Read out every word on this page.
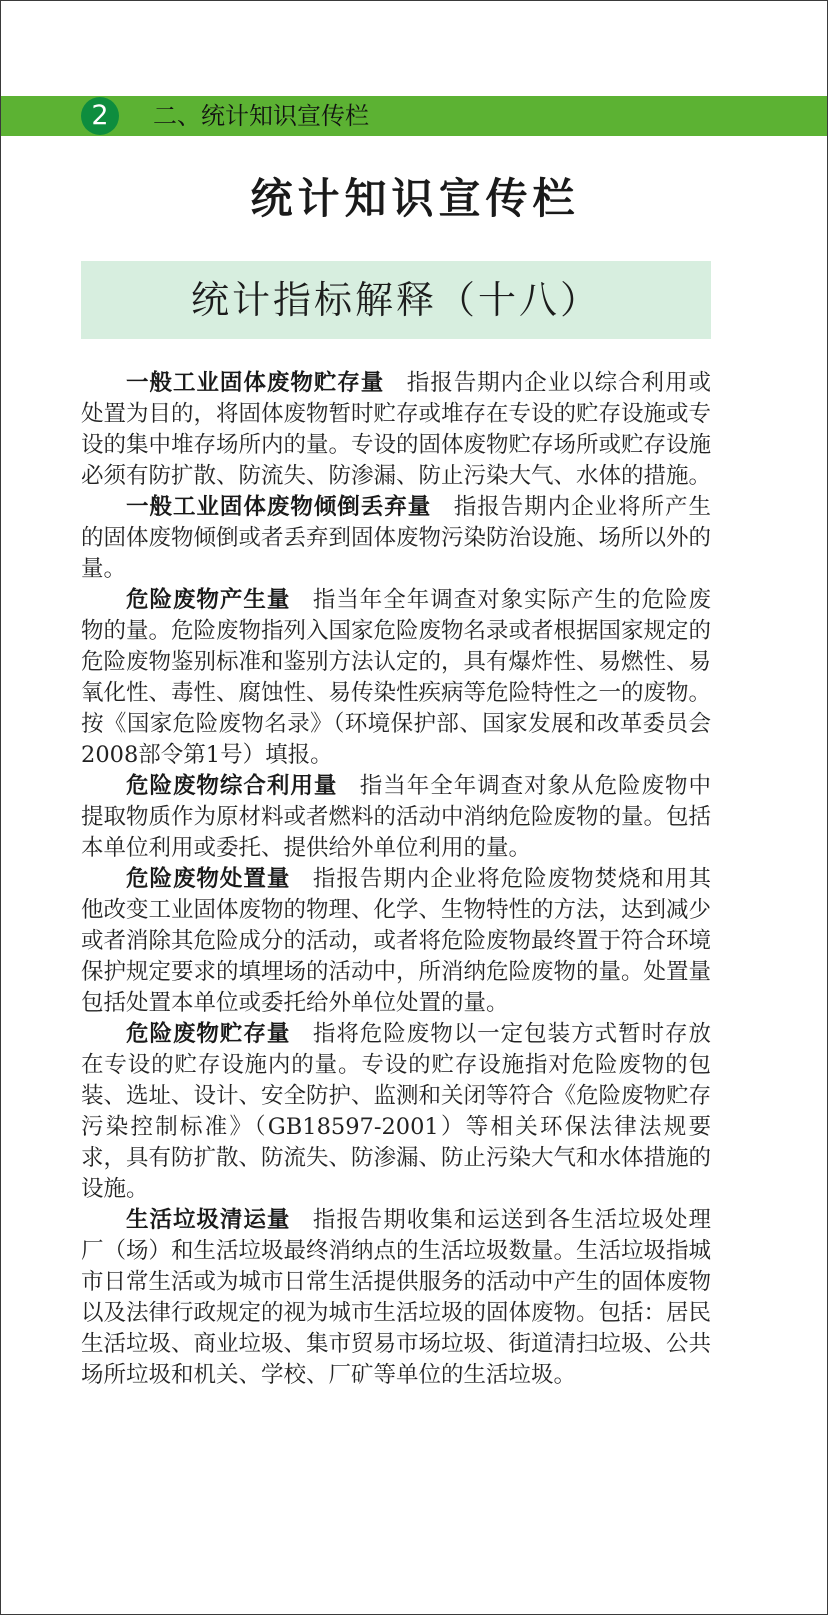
2	二、统计知识宣传栏
统计知识宣传栏
统计指标解释（十八）

一般工业固体废物贮存量 指报告期内企业以综合利用或处置为目的，将固体废物暂时贮存或堆存在专设的贮存设施或专设的集中堆存场所内的量。专设的固体废物贮存场所或贮存设施必须有防扩散、防流失、防渗漏、防止污染大气、水体的措施。

一般工业固体废物倾倒丢弃量 指报告期内企业将所产生的固体废物倾倒或者丢弃到固体废物污染防治设施、场所以外的量。

危险废物产生量 指当年全年调查对象实际产生的危险废物的量。危险废物指列入国家危险废物名录或者根据国家规定的危险废物鉴别标准和鉴别方法认定的，具有爆炸性、易燃性、易氧化性、毒性、腐蚀性、易传染性疾病等危险特性之一的废物。按《国家危险废物名录》（环境保护部、国家发展和改革委员会2008部令第1号）填报。

危险废物综合利用量 指当年全年调查对象从危险废物中提取物质作为原材料或者燃料的活动中消纳危险废物的量。包括本单位利用或委托、提供给外单位利用的量。

危险废物处置量 指报告期内企业将危险废物焚烧和用其他改变工业固体废物的物理、化学、生物特性的方法，达到减少或者消除其危险成分的活动，或者将危险废物最终置于符合环境保护规定要求的填埋场的活动中，所消纳危险废物的量。处置量包括处置本单位或委托给外单位处置的量。

危险废物贮存量 指将危险废物以一定包装方式暂时存放在专设的贮存设施内的量。专设的贮存设施指对危险废物的包装、选址、设计、安全防护、监测和关闭等符合《危险废物贮存污染控制标准》（GB18597-2001）等相关环保法律法规要求，具有防扩散、防流失、防渗漏、防止污染大气和水体措施的设施。

生活垃圾清运量 指报告期收集和运送到各生活垃圾处理厂（场）和生活垃圾最终消纳点的生活垃圾数量。生活垃圾指城市日常生活或为城市日常生活提供服务的活动中产生的固体废物以及法律行政规定的视为城市生活垃圾的固体废物。包括：居民生活垃圾、商业垃圾、集市贸易市场垃圾、街道清扫垃圾、公共场所垃圾和机关、学校、厂矿等单位的生活垃圾。
